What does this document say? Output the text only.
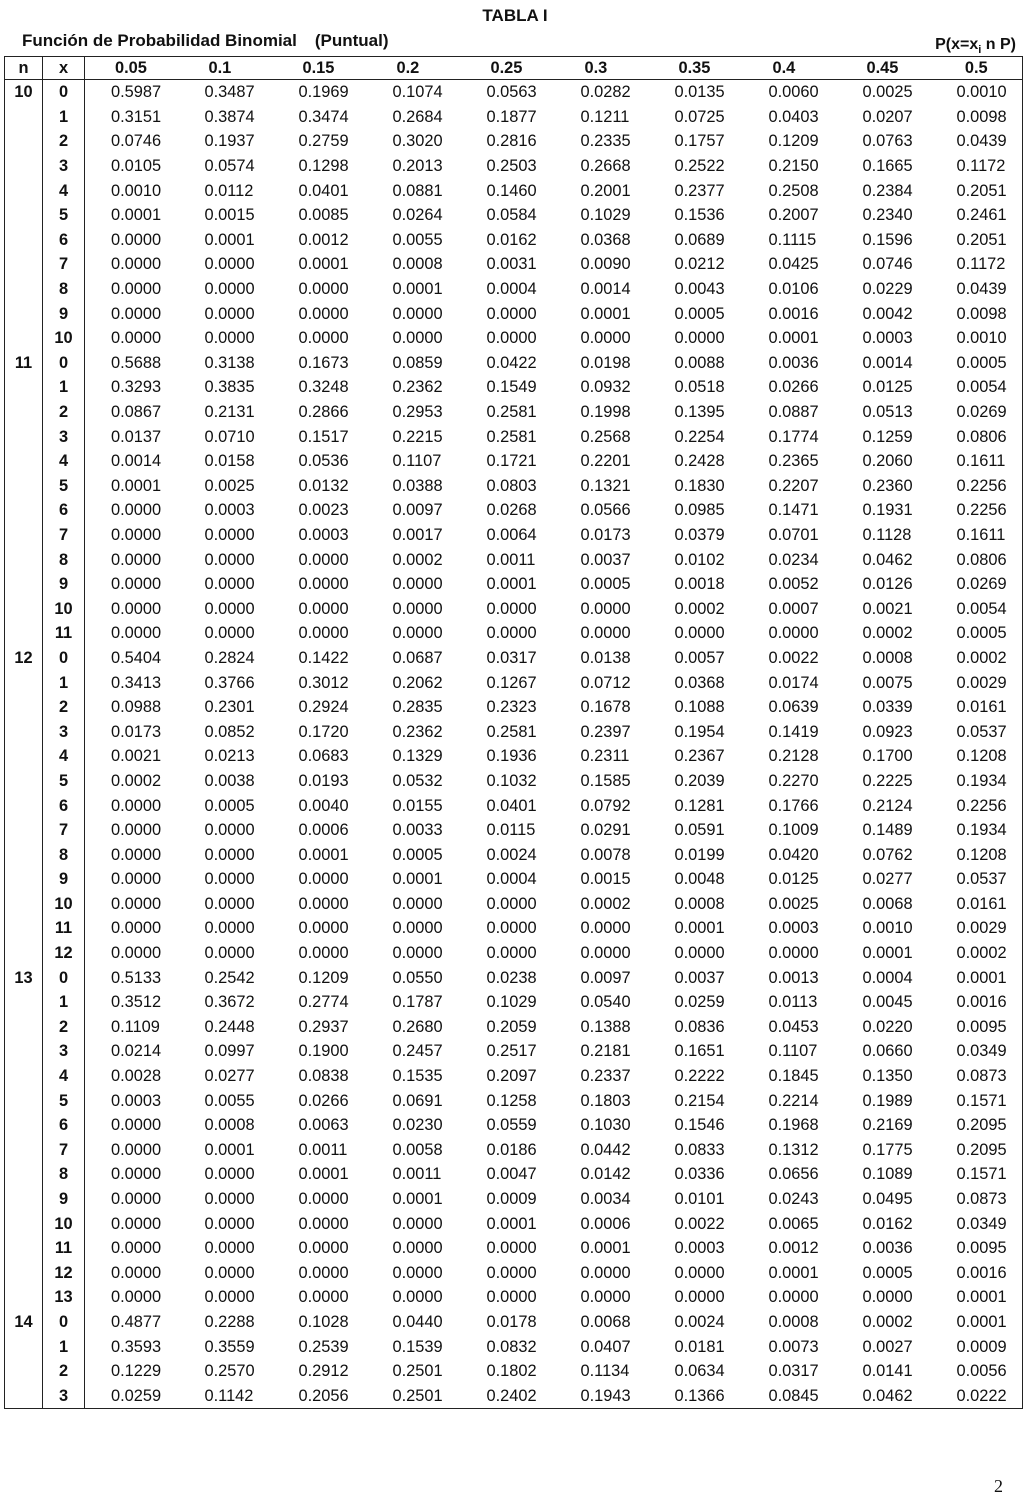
TABLA I
Función de Probabilidad Binomial (Puntual)	$P(x=x_i$ n P)
n	x	0.05	0.1	0.15	0.2	0.25	0.3	0.35	0.4	0.45	0.5
10	0	0.5987	0.3487	0.1969	0.1074	0.0563	0.0282	0.0135	0.0060	0.0025	0.0010
	1	0.3151	0.3874	0.3474	0.2684	0.1877	0.1211	0.0725	0.0403	0.0207	0.0098
	2	0.0746	0.1937	0.2759	0.3020	0.2816	0.2335	0.1757	0.1209	0.0763	0.0439
	3	0.0105	0.0574	0.1298	0.2013	0.2503	0.2668	0.2522	0.2150	0.1665	0.1172
	4	0.0010	0.0112	0.0401	0.0881	0.1460	0.2001	0.2377	0.2508	0.2384	0.2051
	5	0.0001	0.0015	0.0085	0.0264	0.0584	0.1029	0.1536	0.2007	0.2340	0.2461
	6	0.0000	0.0001	0.0012	0.0055	0.0162	0.0368	0.0689	0.1115	0.1596	0.2051
	7	0.0000	0.0000	0.0001	0.0008	0.0031	0.0090	0.0212	0.0425	0.0746	0.1172
	8	0.0000	0.0000	0.0000	0.0001	0.0004	0.0014	0.0043	0.0106	0.0229	0.0439
	9	0.0000	0.0000	0.0000	0.0000	0.0000	0.0001	0.0005	0.0016	0.0042	0.0098
	10	0.0000	0.0000	0.0000	0.0000	0.0000	0.0000	0.0000	0.0001	0.0003	0.0010
11	0	0.5688	0.3138	0.1673	0.0859	0.0422	0.0198	0.0088	0.0036	0.0014	0.0005
	1	0.3293	0.3835	0.3248	0.2362	0.1549	0.0932	0.0518	0.0266	0.0125	0.0054
	2	0.0867	0.2131	0.2866	0.2953	0.2581	0.1998	0.1395	0.0887	0.0513	0.0269
	3	0.0137	0.0710	0.1517	0.2215	0.2581	0.2568	0.2254	0.1774	0.1259	0.0806
	4	0.0014	0.0158	0.0536	0.1107	0.1721	0.2201	0.2428	0.2365	0.2060	0.1611
	5	0.0001	0.0025	0.0132	0.0388	0.0803	0.1321	0.1830	0.2207	0.2360	0.2256
	6	0.0000	0.0003	0.0023	0.0097	0.0268	0.0566	0.0985	0.1471	0.1931	0.2256
	7	0.0000	0.0000	0.0003	0.0017	0.0064	0.0173	0.0379	0.0701	0.1128	0.1611
	8	0.0000	0.0000	0.0000	0.0002	0.0011	0.0037	0.0102	0.0234	0.0462	0.0806
	9	0.0000	0.0000	0.0000	0.0000	0.0001	0.0005	0.0018	0.0052	0.0126	0.0269
	10	0.0000	0.0000	0.0000	0.0000	0.0000	0.0000	0.0002	0.0007	0.0021	0.0054
	11	0.0000	0.0000	0.0000	0.0000	0.0000	0.0000	0.0000	0.0000	0.0002	0.0005
12	0	0.5404	0.2824	0.1422	0.0687	0.0317	0.0138	0.0057	0.0022	0.0008	0.0002
	1	0.3413	0.3766	0.3012	0.2062	0.1267	0.0712	0.0368	0.0174	0.0075	0.0029
	2	0.0988	0.2301	0.2924	0.2835	0.2323	0.1678	0.1088	0.0639	0.0339	0.0161
	3	0.0173	0.0852	0.1720	0.2362	0.2581	0.2397	0.1954	0.1419	0.0923	0.0537
	4	0.0021	0.0213	0.0683	0.1329	0.1936	0.2311	0.2367	0.2128	0.1700	0.1208
	5	0.0002	0.0038	0.0193	0.0532	0.1032	0.1585	0.2039	0.2270	0.2225	0.1934
	6	0.0000	0.0005	0.0040	0.0155	0.0401	0.0792	0.1281	0.1766	0.2124	0.2256
	7	0.0000	0.0000	0.0006	0.0033	0.0115	0.0291	0.0591	0.1009	0.1489	0.1934
	8	0.0000	0.0000	0.0001	0.0005	0.0024	0.0078	0.0199	0.0420	0.0762	0.1208
	9	0.0000	0.0000	0.0000	0.0001	0.0004	0.0015	0.0048	0.0125	0.0277	0.0537
	10	0.0000	0.0000	0.0000	0.0000	0.0000	0.0002	0.0008	0.0025	0.0068	0.0161
	11	0.0000	0.0000	0.0000	0.0000	0.0000	0.0000	0.0001	0.0003	0.0010	0.0029
	12	0.0000	0.0000	0.0000	0.0000	0.0000	0.0000	0.0000	0.0000	0.0001	0.0002
13	0	0.5133	0.2542	0.1209	0.0550	0.0238	0.0097	0.0037	0.0013	0.0004	0.0001
	1	0.3512	0.3672	0.2774	0.1787	0.1029	0.0540	0.0259	0.0113	0.0045	0.0016
	2	0.1109	0.2448	0.2937	0.2680	0.2059	0.1388	0.0836	0.0453	0.0220	0.0095
	3	0.0214	0.0997	0.1900	0.2457	0.2517	0.2181	0.1651	0.1107	0.0660	0.0349
	4	0.0028	0.0277	0.0838	0.1535	0.2097	0.2337	0.2222	0.1845	0.1350	0.0873
	5	0.0003	0.0055	0.0266	0.0691	0.1258	0.1803	0.2154	0.2214	0.1989	0.1571
	6	0.0000	0.0008	0.0063	0.0230	0.0559	0.1030	0.1546	0.1968	0.2169	0.2095
	7	0.0000	0.0001	0.0011	0.0058	0.0186	0.0442	0.0833	0.1312	0.1775	0.2095
	8	0.0000	0.0000	0.0001	0.0011	0.0047	0.0142	0.0336	0.0656	0.1089	0.1571
	9	0.0000	0.0000	0.0000	0.0001	0.0009	0.0034	0.0101	0.0243	0.0495	0.0873
	10	0.0000	0.0000	0.0000	0.0000	0.0001	0.0006	0.0022	0.0065	0.0162	0.0349
	11	0.0000	0.0000	0.0000	0.0000	0.0000	0.0001	0.0003	0.0012	0.0036	0.0095
	12	0.0000	0.0000	0.0000	0.0000	0.0000	0.0000	0.0000	0.0001	0.0005	0.0016
	13	0.0000	0.0000	0.0000	0.0000	0.0000	0.0000	0.0000	0.0000	0.0000	0.0001
14	0	0.4877	0.2288	0.1028	0.0440	0.0178	0.0068	0.0024	0.0008	0.0002	0.0001
	1	0.3593	0.3559	0.2539	0.1539	0.0832	0.0407	0.0181	0.0073	0.0027	0.0009
	2	0.1229	0.2570	0.2912	0.2501	0.1802	0.1134	0.0634	0.0317	0.0141	0.0056
	3	0.0259	0.1142	0.2056	0.2501	0.2402	0.1943	0.1366	0.0845	0.0462	0.0222
2
